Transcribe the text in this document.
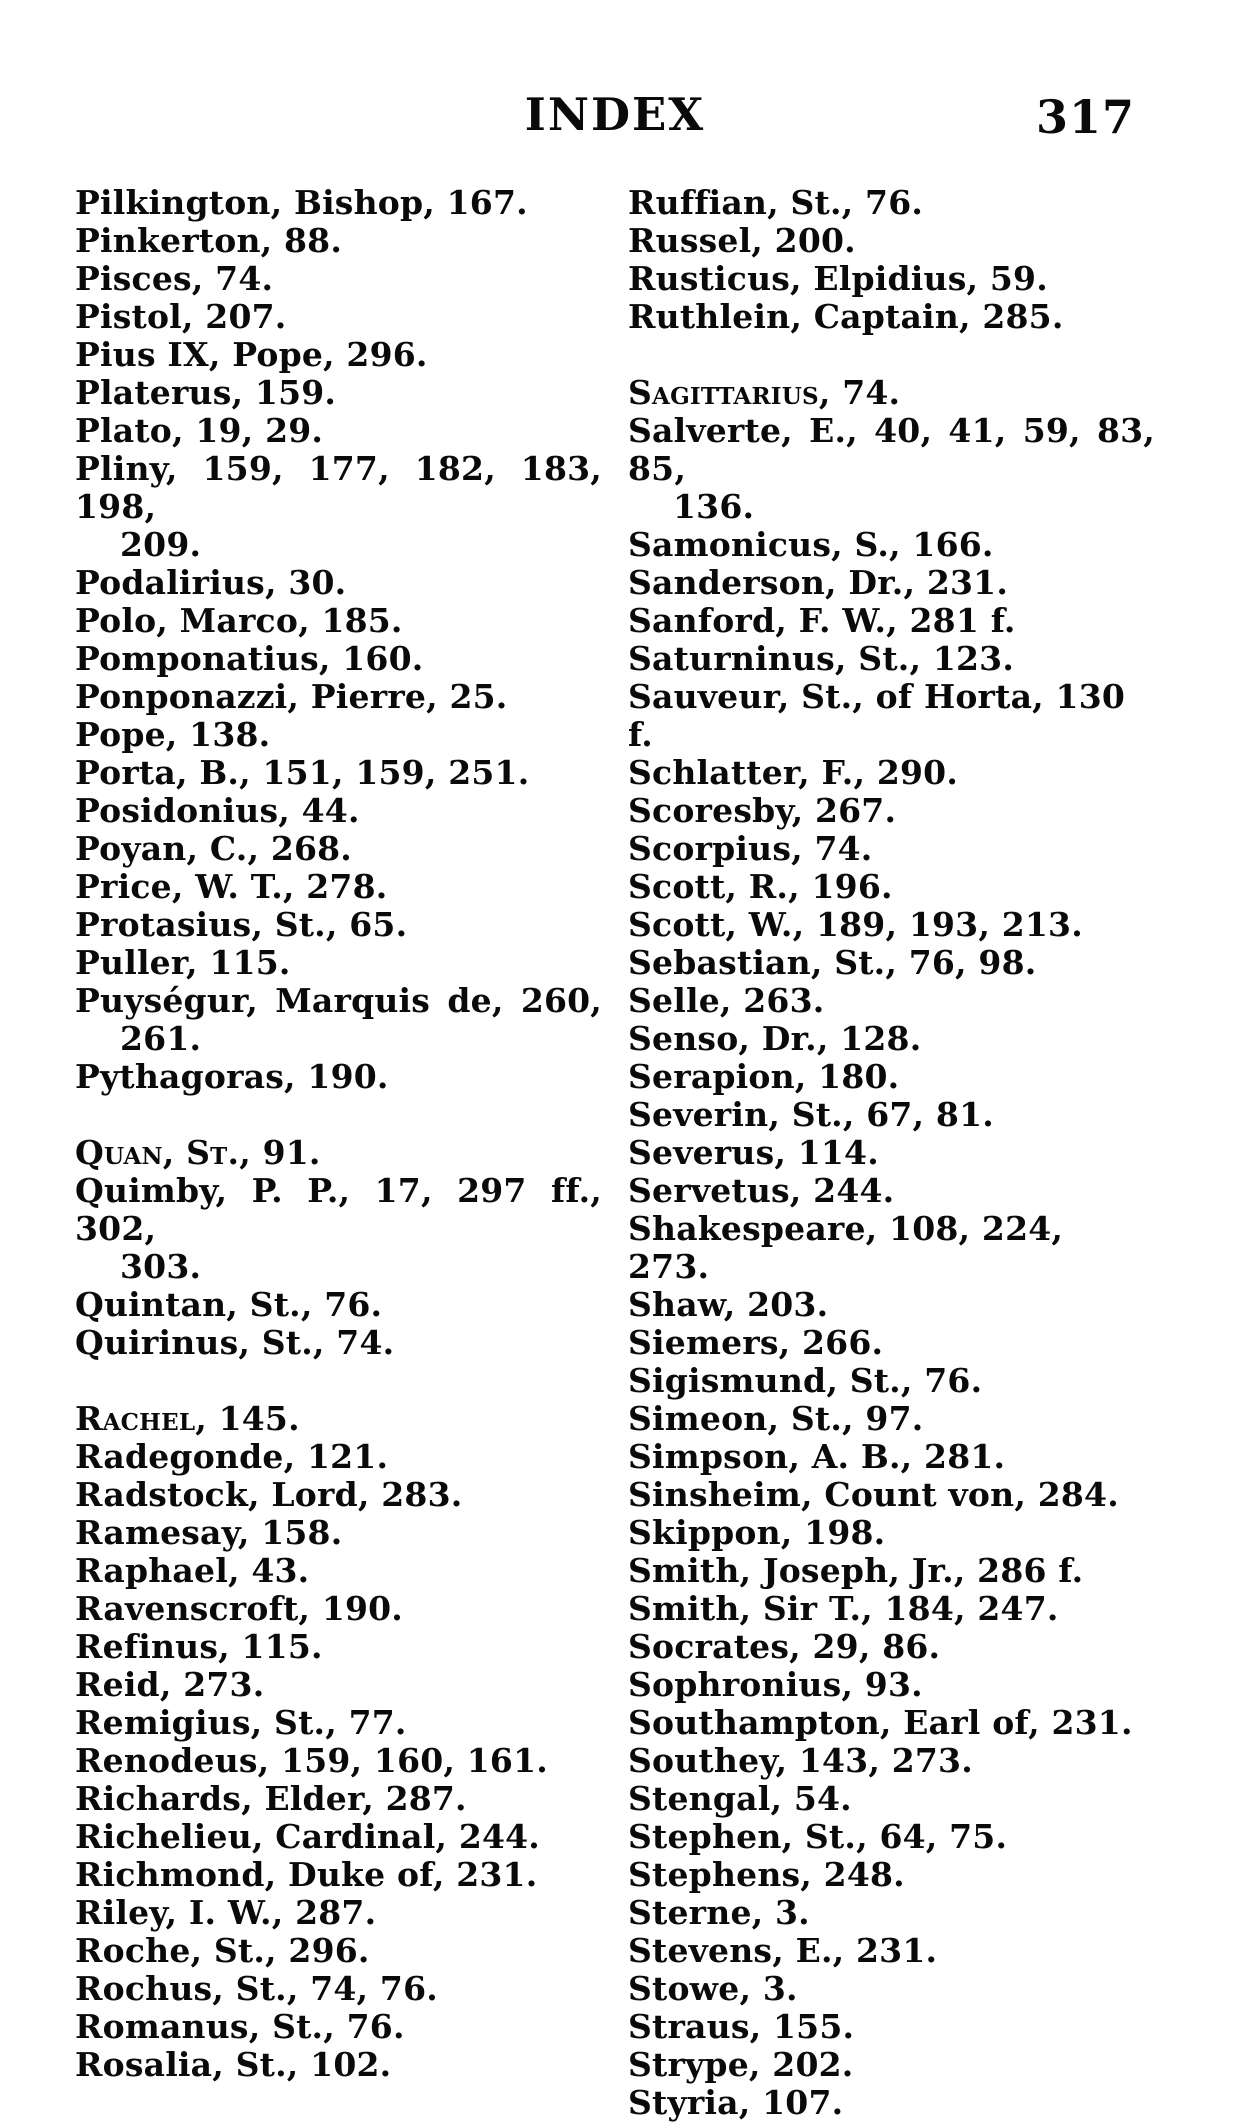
INDEX	317
Pilkington, Bishop, 167.
Pinkerton, 88.
Pisces, 74.
Pistol, 207.
Pius IX, Pope, 296.
Platerus, 159.
Plato, 19, 29.
Pliny, 159, 177, 182, 183, 198,
209.
Podalirius, 30.
Polo, Marco, 185.
Pomponatius, 160.
Ponponazzi, Pierre, 25.
Pope, 138.
Porta, B., 151, 159, 251.
Posidonius, 44.
Poyan, C., 268.
Price, W. T., 278.
Protasius, St., 65.
Puller, 115.
Puységur, Marquis de, 260,
261.
Pythagoras, 190.
Quan, St., 91.
Quimby, P. P., 17, 297 ff., 302,
303.
Quintan, St., 76.
Quirinus, St., 74.
Rachel, 145.
Radegonde, 121.
Radstock, Lord, 283.
Ramesay, 158.
Raphael, 43.
Ravenscroft, 190.
Refinus, 115.
Reid, 273.
Remigius, St., 77.
Renodeus, 159, 160, 161.
Richards, Elder, 287.
Richelieu, Cardinal, 244.
Richmond, Duke of, 231.
Riley, I. W., 287.
Roche, St., 296.
Rochus, St., 74, 76.
Romanus, St., 76.
Rosalia, St., 102.
Ruffian, St., 76.
Russel, 200.
Rusticus, Elpidius, 59.
Ruthlein, Captain, 285.
Sagittarius, 74.
Salverte, E., 40, 41, 59, 83, 85,
136.
Samonicus, S., 166.
Sanderson, Dr., 231.
Sanford, F. W., 281 f.
Saturninus, St., 123.
Sauveur, St., of Horta, 130 f.
Schlatter, F., 290.
Scoresby, 267.
Scorpius, 74.
Scott, R., 196.
Scott, W., 189, 193, 213.
Sebastian, St., 76, 98.
Selle, 263.
Senso, Dr., 128.
Serapion, 180.
Severin, St., 67, 81.
Severus, 114.
Servetus, 244.
Shakespeare, 108, 224, 273.
Shaw, 203.
Siemers, 266.
Sigismund, St., 76.
Simeon, St., 97.
Simpson, A. B., 281.
Sinsheim, Count von, 284.
Skippon, 198.
Smith, Joseph, Jr., 286 f.
Smith, Sir T., 184, 247.
Socrates, 29, 86.
Sophronius, 93.
Southampton, Earl of, 231.
Southey, 143, 273.
Stengal, 54.
Stephen, St., 64, 75.
Stephens, 248.
Sterne, 3.
Stevens, E., 231.
Stowe, 3.
Straus, 155.
Strype, 202.
Styria, 107.
